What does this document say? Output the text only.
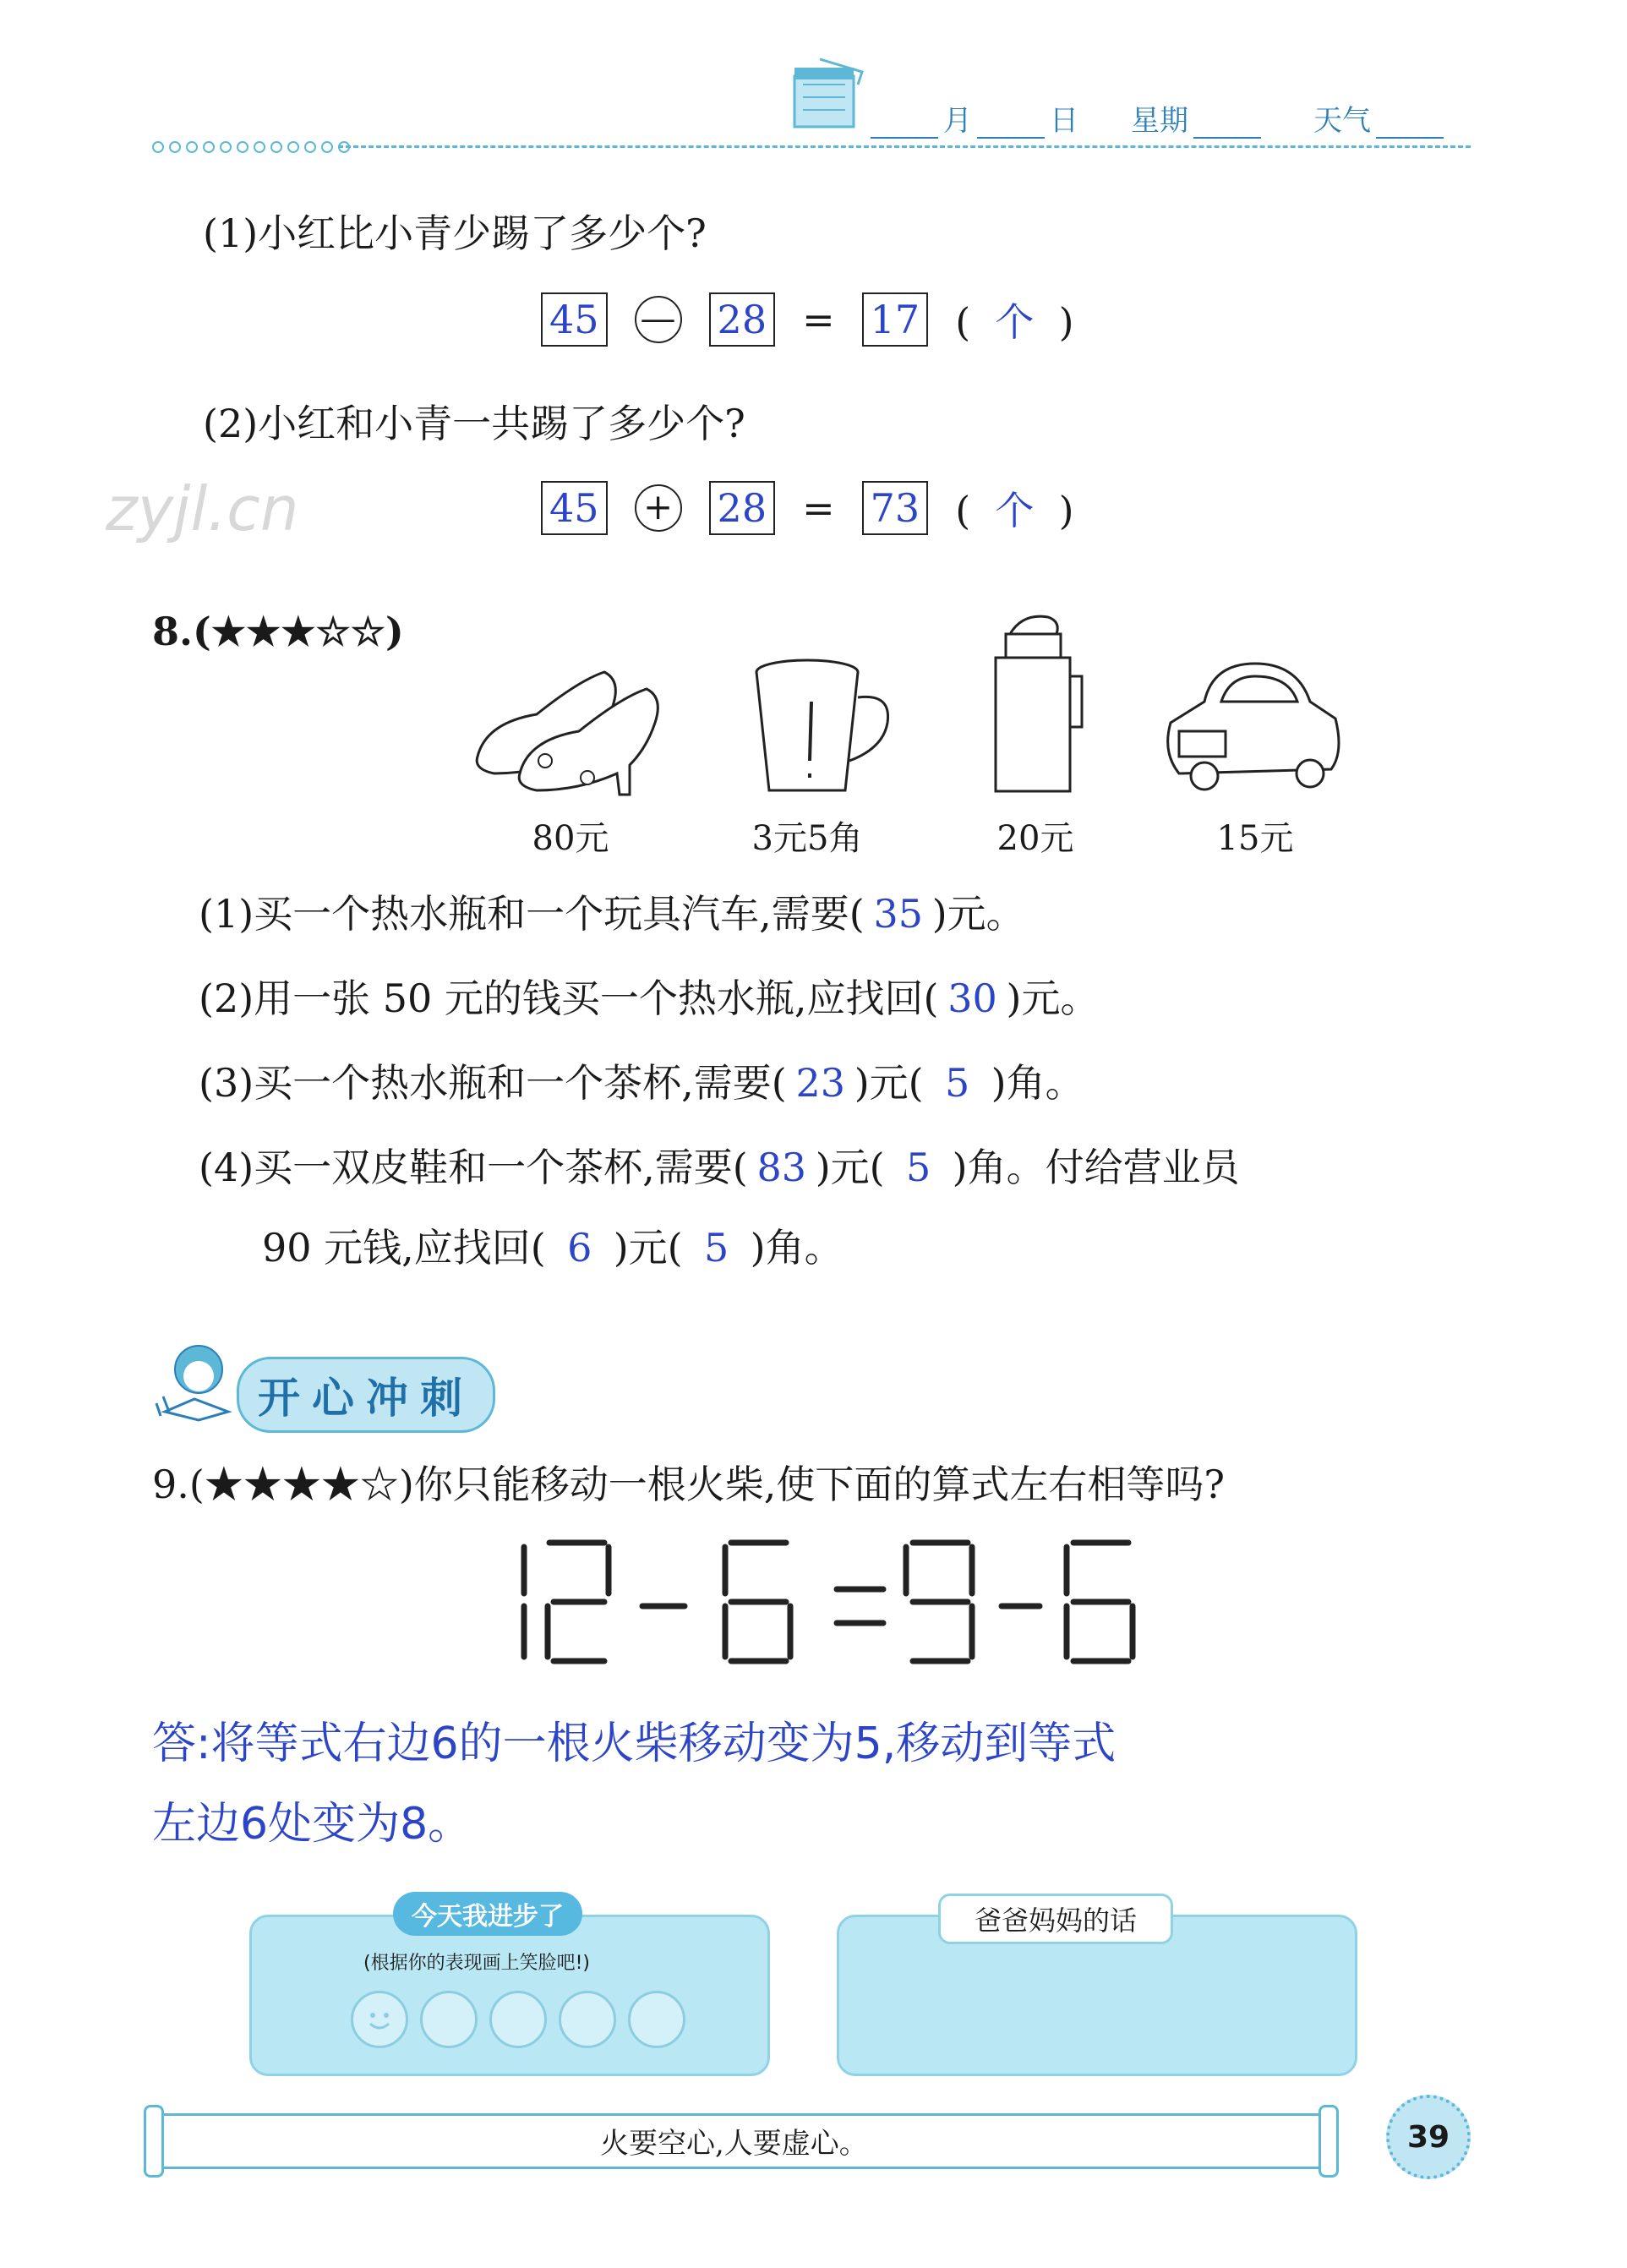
月	日 星期	天气
zyjl.cn
(1)小红比小青少踢了多少个?
45 — 28 = 17 (  个  )
(2)小红和小青一共踢了多少个?
45 + 28 = 73 (  个  )
8.(★★★☆☆)
80元	3元5角	20元	15元
(1)买一个热水瓶和一个玩具汽车,需要( 35 )元。
(2)用一张 50 元的钱买一个热水瓶,应找回( 30 )元。
(3)买一个热水瓶和一个茶杯,需要( 23 )元( 5 )角。
(4)买一双皮鞋和一个茶杯,需要( 83 )元( 5 )角。付给营业员
90 元钱,应找回( 6 )元( 5 )角。
开心冲刺
9.(★★★★☆)你只能移动一根火柴,使下面的算式左右相等吗?
答:将等式右边6的一根火柴移动变为5,移动到等式
左边6处变为8。
今天我进步了
(根据你的表现画上笑脸吧!)
爸爸妈妈的话
火要空心,人要虚心。	39
